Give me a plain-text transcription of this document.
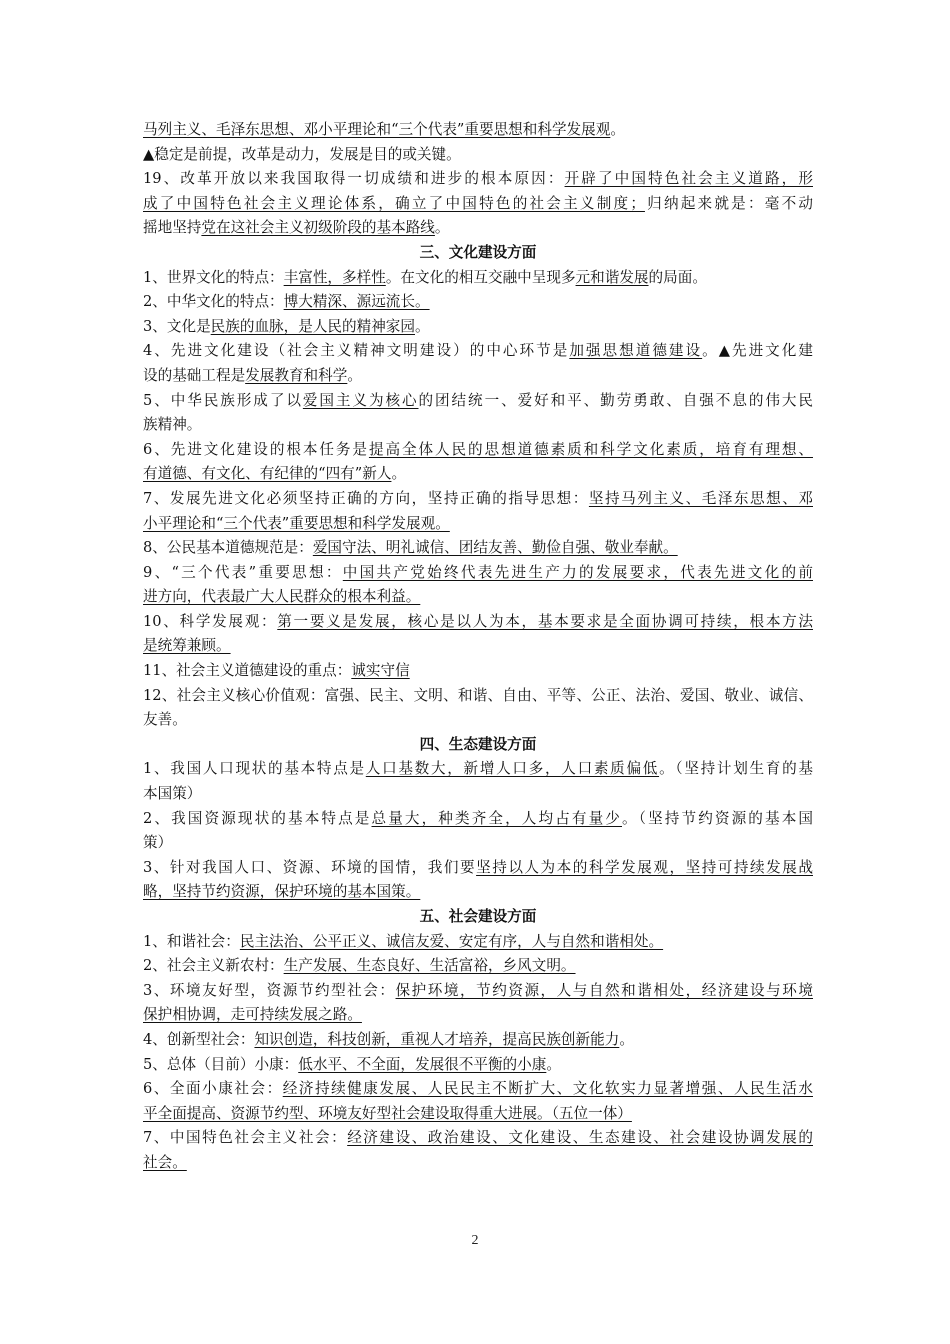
马列主义、毛泽东思想、邓小平理论和“三个代表”重要思想和科学发展观。
▲稳定是前提，改革是动力，发展是目的或关键。
19、改革开放以来我国取得一切成绩和进步的根本原因：开辟了中国特色社会主义道路，形
成了中国特色社会主义理论体系，确立了中国特色的社会主义制度；归纳起来就是：毫不动
摇地坚持党在这社会主义初级阶段的基本路线。
三、文化建设方面
1、世界文化的特点：丰富性，多样性。在文化的相互交融中呈现多元和谐发展的局面。
2、中华文化的特点：博大精深、源远流长。
3、文化是民族的血脉，是人民的精神家园。
4、先进文化建设（社会主义精神文明建设）的中心环节是加强思想道德建设。▲先进文化建
设的基础工程是发展教育和科学。
5、中华民族形成了以爱国主义为核心的团结统一、爱好和平、勤劳勇敢、自强不息的伟大民
族精神。
6、先进文化建设的根本任务是提高全体人民的思想道德素质和科学文化素质，培育有理想、
有道德、有文化、有纪律的“四有”新人。
7、发展先进文化必须坚持正确的方向，坚持正确的指导思想：坚持马列主义、毛泽东思想、邓
小平理论和“三个代表”重要思想和科学发展观。
8、公民基本道德规范是：爱国守法、明礼诚信、团结友善、勤俭自强、敬业奉献。
9、“三个代表”重要思想：中国共产党始终代表先进生产力的发展要求，代表先进文化的前
进方向，代表最广大人民群众的根本利益。
10、科学发展观：第一要义是发展，核心是以人为本，基本要求是全面协调可持续，根本方法
是统筹兼顾。
11、社会主义道德建设的重点：诚实守信
12、社会主义核心价值观：富强、民主、文明、和谐、自由、平等、公正、法治、爱国、敬业、诚信、
友善。
四、生态建设方面
1、我国人口现状的基本特点是人口基数大，新增人口多，人口素质偏低。（坚持计划生育的基
本国策）
2、我国资源现状的基本特点是总量大，种类齐全，人均占有量少。（坚持节约资源的基本国
策）
3、针对我国人口、资源、环境的国情，我们要坚持以人为本的科学发展观，坚持可持续发展战
略，坚持节约资源，保护环境的基本国策。
五、社会建设方面
1、和谐社会：民主法治、公平正义、诚信友爱、安定有序，人与自然和谐相处。
2、社会主义新农村：生产发展、生态良好、生活富裕，乡风文明。
3、环境友好型，资源节约型社会：保护环境，节约资源，人与自然和谐相处，经济建设与环境
保护相协调，走可持续发展之路。
4、创新型社会：知识创造，科技创新，重视人才培养，提高民族创新能力。
5、总体（目前）小康：低水平、不全面，发展很不平衡的小康。
6、全面小康社会：经济持续健康发展、人民民主不断扩大、文化软实力显著增强、人民生活水
平全面提高、资源节约型、环境友好型社会建设取得重大进展。（五位一体）
7、中国特色社会主义社会：经济建设、政治建设、文化建设、生态建设、社会建设协调发展的
社会。
2
